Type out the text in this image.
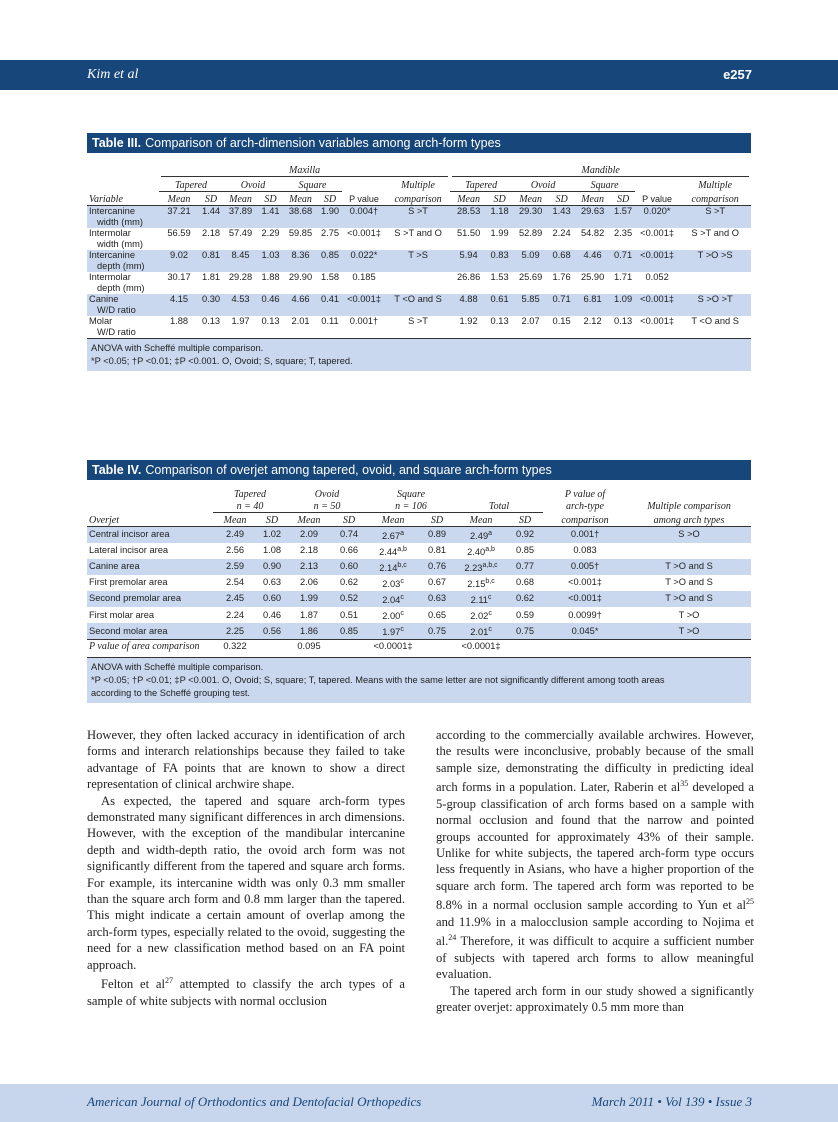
Kim et al	e257
Table III. Comparison of arch-dimension variables among arch-form types
	Maxilla								Mandible							
	Tapered		Ovoid		Square			Multiple	Tapered		Ovoid		Square			Multiple
Variable	Mean	SD	Mean	SD	Mean	SD	P value	comparison	Mean	SD	Mean	SD	Mean	SD	P value	comparison

Intercanine
width (mm)	37.21	1.44	37.89	1.41	38.68	1.90	0.004†	S >T	28.53	1.18	29.30	1.43	29.63	1.57	0.020*	S >T

Intermolar
width (mm)	56.59	2.18	57.49	2.29	59.85	2.75	<0.001‡	S >T and O	51.50	1.99	52.89	2.24	54.82	2.35	<0.001‡	S >T and O

Intercanine
depth (mm)	9.02	0.81	8.45	1.03	8.36	0.85	0.022*	T >S	5.94	0.83	5.09	0.68	4.46	0.71	<0.001‡	T >O >S

Intermolar
depth (mm)	30.17	1.81	29.28	1.88	29.90	1.58	0.185		26.86	1.53	25.69	1.76	25.90	1.71	0.052	

Canine
W/D ratio	4.15	0.30	4.53	0.46	4.66	0.41	<0.001‡	T <O and S	4.88	0.61	5.85	0.71	6.81	1.09	<0.001‡	S >O >T

Molar
W/D ratio	1.88	0.13	1.97	0.13	2.01	0.11	0.001†	S >T	1.92	0.13	2.07	0.15	2.12	0.13	<0.001‡	T <O and S
ANOVA with Scheffé multiple comparison.
*P <0.05; †P <0.01; ‡P <0.001. O, Ovoid; S, square; T, tapered.
Table IV. Comparison of overjet among tapered, ovoid, and square arch-form types
	Tapered		Ovoid		Square				P value of	
	n = 40		n = 50		n = 106		Total		arch-type	Multiple comparison
Overjet	Mean	SD	Mean	SD	Mean	SD	Mean	SD	comparison	among arch types
Central incisor area	2.49	1.02	2.09	0.74	2.67$^a$	0.89	2.49$^a$	0.92	0.001†	S >O
Lateral incisor area	2.56	1.08	2.18	0.66	2.44$^{a,b}$	0.81	2.40$^{a,b}$	0.85	0.083	
Canine area	2.59	0.90	2.13	0.60	2.14$^{b,c}$	0.76	2.23$^{a,b,c}$	0.77	0.005†	T >O and S
First premolar area	2.54	0.63	2.06	0.62	2.03$^c$	0.67	2.15$^{b,c}$	0.68	<0.001‡	T >O and S
Second premolar area	2.45	0.60	1.99	0.52	2.04$^c$	0.63	2.11$^c$	0.62	<0.001‡	T >O and S
First molar area	2.24	0.46	1.87	0.51	2.00$^c$	0.65	2.02$^c$	0.59	0.0099†	T >O
Second molar area	2.25	0.56	1.86	0.85	1.97$^c$	0.75	2.01$^c$	0.75	0.045*	T >O
P value of area comparison	0.322		0.095		<0.0001‡		<0.0001‡			
ANOVA with Scheffé multiple comparison.
*P <0.05; †P <0.01; ‡P <0.001. O, Ovoid; S, square; T, tapered. Means with the same letter are not significantly different among tooth areas
according to the Scheffé grouping test.

However, they often lacked accuracy in identification of arch forms and interarch relationships because they failed to take advantage of FA points that are known to show a direct representation of clinical archwire shape.

As expected, the tapered and square arch-form types demonstrated many significant differences in arch dimensions. However, with the exception of the mandibular intercanine depth and width-depth ratio, the ovoid arch form was not significantly different from the tapered and square arch forms. For example, its intercanine width was only 0.3 mm smaller than the square arch form and 0.8 mm larger than the tapered. This might indicate a certain amount of overlap among the arch-form types, especially related to the ovoid, suggesting the need for a new classification method based on an FA point approach.

Felton et $al^{27}$ attempted to classify the arch types of a sample of white subjects with normal occlusion

according to the commercially available archwires. However, the results were inconclusive, probably because of the small sample size, demonstrating the difficulty in predicting ideal arch forms in a population. Later, Raberin et $al^{35}$ developed a 5-group classification of arch forms based on a sample with normal occlusion and found that the narrow and pointed groups accounted for approximately 43% of their sample. Unlike for white subjects, the tapered arch-form type occurs less frequently in Asians, who have a higher proportion of the square arch form. The tapered arch form was reported to be 8.8% in a normal occlusion sample according to Yun et $al^{25}$ and 11.9% in a malocclusion sample according to Nojima et al.$^{24}$ Therefore, it was difficult to acquire a sufficient number of subjects with tapered arch forms to allow meaningful evaluation.

The tapered arch form in our study showed a significantly greater overjet: approximately 0.5 mm more than

American Journal of Orthodontics and Dentofacial Orthopedics	March 2011 • Vol 139 • Issue 3
